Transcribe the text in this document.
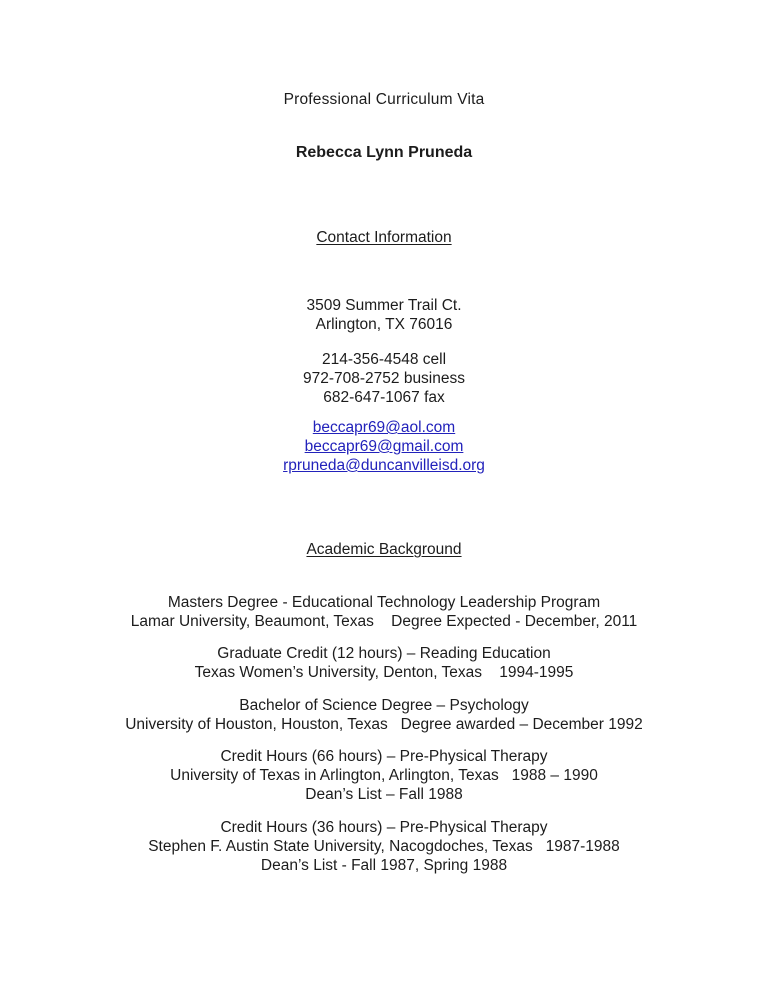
Professional Curriculum Vita
Rebecca Lynn Pruneda
Contact Information
3509 Summer Trail Ct.
Arlington, TX 76016
214-356-4548 cell
972-708-2752 business
682-647-1067 fax
beccapr69@aol.com
beccapr69@gmail.com
rpruneda@duncanvilleisd.org
Academic Background
Masters Degree - Educational Technology Leadership Program
Lamar University, Beaumont, Texas    Degree Expected - December, 2011
Graduate Credit (12 hours) – Reading Education
Texas Women’s University, Denton, Texas    1994-1995
Bachelor of Science Degree – Psychology
University of Houston, Houston, Texas   Degree awarded – December 1992
Credit Hours (66 hours) – Pre-Physical Therapy
University of Texas in Arlington, Arlington, Texas   1988 – 1990
Dean’s List – Fall 1988
Credit Hours (36 hours) – Pre-Physical Therapy
Stephen F. Austin State University, Nacogdoches, Texas   1987-1988
Dean’s List - Fall 1987, Spring 1988
